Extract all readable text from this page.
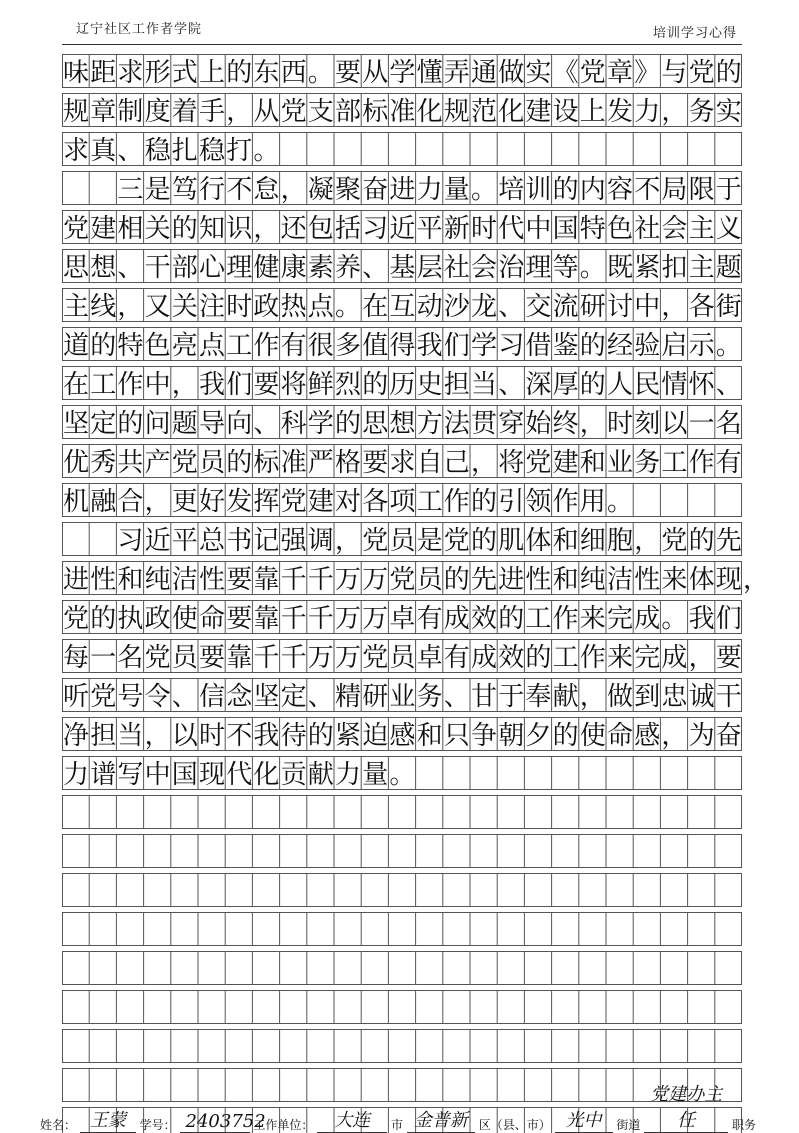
辽宁社区工作者学院	培训学习心得
味距求形式上的东西。要从学懂弄通做实《党章》与党的
规章制度着手，从党支部标准化规范化建设上发力，务实
求真、稳扎稳打。
　　三是笃行不怠，凝聚奋进力量。培训的内容不局限于
党建相关的知识，还包括习近平新时代中国特色社会主义
思想、干部心理健康素养、基层社会治理等。既紧扣主题
主线，又关注时政热点。在互动沙龙、交流研讨中，各街
道的特色亮点工作有很多值得我们学习借鉴的经验启示。
在工作中，我们要将鲜烈的历史担当、深厚的人民情怀、
坚定的问题导向、科学的思想方法贯穿始终，时刻以一名
优秀共产党员的标准严格要求自己，将党建和业务工作有
机融合，更好发挥党建对各项工作的引领作用。
　　习近平总书记强调，党员是党的肌体和细胞，党的先
进性和纯洁性要靠千千万万党员的先进性和纯洁性来体现，
党的执政使命要靠千千万万卓有成效的工作来完成。我们
每一名党员要靠千千万万党员卓有成效的工作来完成，要
听党号令、信念坚定、精研业务、甘于奉献，做到忠诚干
净担当，以时不我待的紧迫感和只争朝夕的使命感，为奋
力谱写中国现代化贡献力量。
姓名： 王蒙 学号： 2403752 工作单位： 大连 市 金普新 区（县、市） 光中 街道 党建办主任	职务
